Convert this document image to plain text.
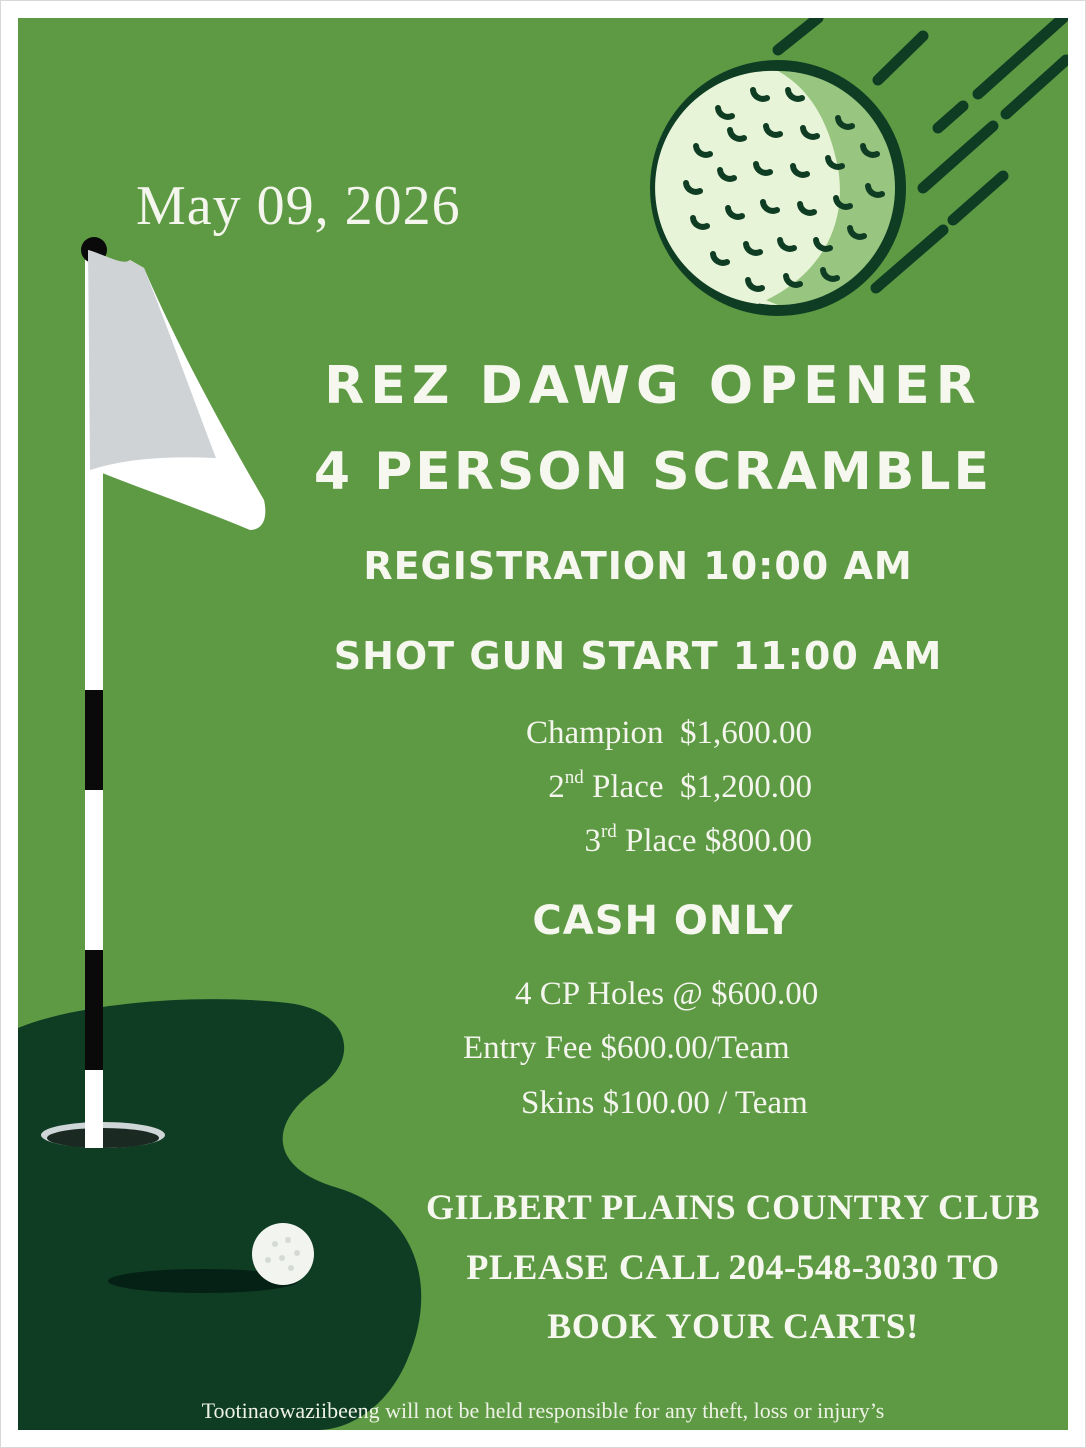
May 09, 2026
REZ DAWG OPENER
4 PERSON SCRAMBLE
REGISTRATION 10:00 AM
SHOT GUN START 11:00 AM
Champion $1,600.00
2nd Place $1,200.00
3rd Place $800.00
CASH ONLY
4 CP Holes @ $600.00
Entry Fee $600.00/Team
Skins $100.00 / Team
GILBERT PLAINS COUNTRY CLUB
PLEASE CALL 204-548-3030 TO
BOOK YOUR CARTS!
Tootinaowaziibeeng will not be held responsible for any theft, loss or injury’s
